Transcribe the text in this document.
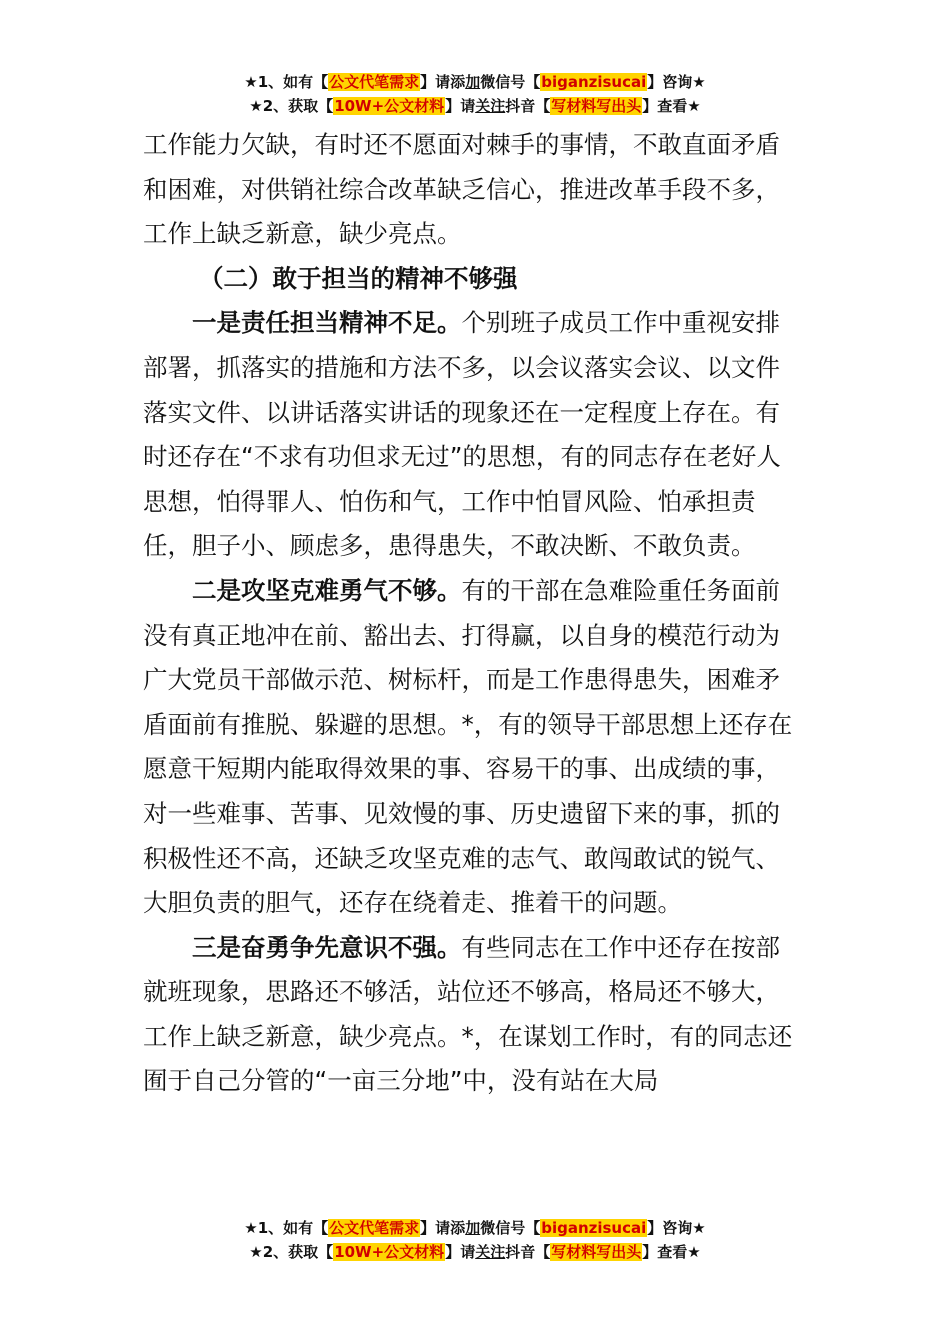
★1、如有【公文代笔需求】请添加微信号【biganzisucai】咨询★
★2、获取【10W+公文材料】请关注抖音【写材料写出头】查看★

工作能力欠缺，有时还不愿面对棘手的事情，不敢直面矛盾和困难，对供销社综合改革缺乏信心，推进改革手段不多，工作上缺乏新意，缺少亮点。

（二）敢于担当的精神不够强

一是责任担当精神不足。个别班子成员工作中重视安排部署，抓落实的措施和方法不多，以会议落实会议、以文件落实文件、以讲话落实讲话的现象还在一定程度上存在。有时还存在“不求有功但求无过”的思想，有的同志存在老好人思想，怕得罪人、怕伤和气，工作中怕冒风险、怕承担责任，胆子小、顾虑多，患得患失，不敢决断、不敢负责。

二是攻坚克难勇气不够。有的干部在急难险重任务面前没有真正地冲在前、豁出去、打得赢，以自身的模范行动为广大党员干部做示范、树标杆，而是工作患得患失，困难矛盾面前有推脱、躲避的思想。*，有的领导干部思想上还存在愿意干短期内能取得效果的事、容易干的事、出成绩的事，对一些难事、苦事、见效慢的事、历史遗留下来的事，抓的积极性还不高，还缺乏攻坚克难的志气、敢闯敢试的锐气、大胆负责的胆气，还存在绕着走、推着干的问题。

三是奋勇争先意识不强。有些同志在工作中还存在按部就班现象，思路还不够活，站位还不够高，格局还不够大，工作上缺乏新意，缺少亮点。*，在谋划工作时，有的同志还囿于自己分管的“一亩三分地”中，没有站在大局

★1、如有【公文代笔需求】请添加微信号【biganzisucai】咨询★
★2、获取【10W+公文材料】请关注抖音【写材料写出头】查看★
